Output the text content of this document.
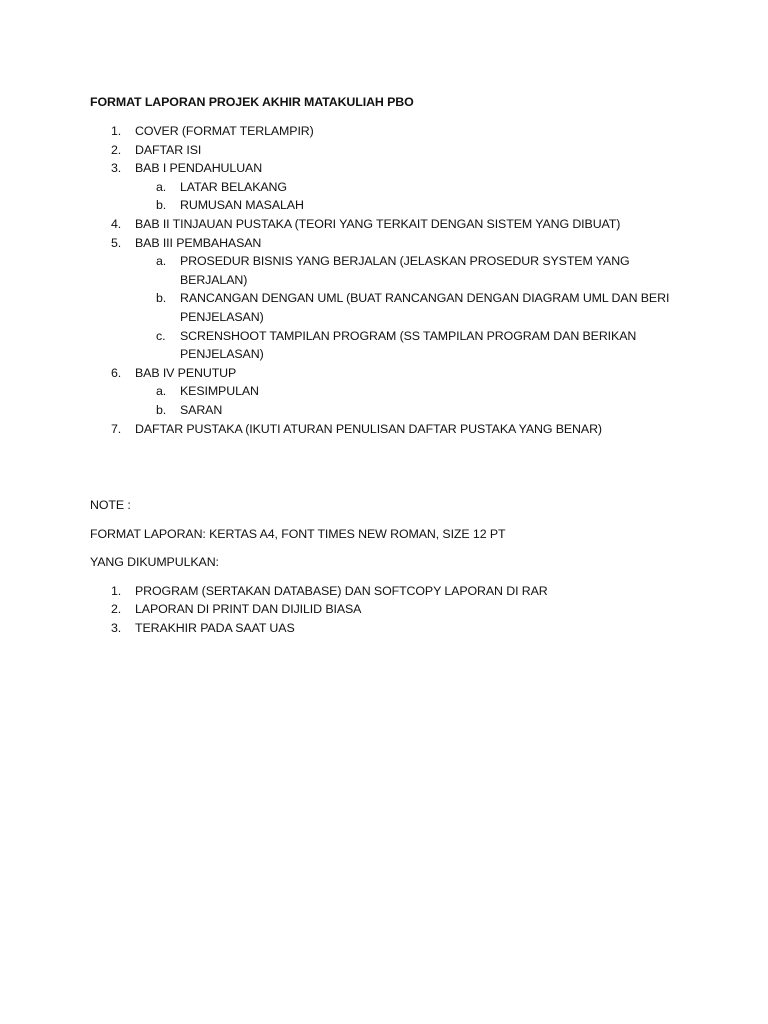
FORMAT LAPORAN PROJEK AKHIR MATAKULIAH PBO

1. COVER (FORMAT TERLAMPIR)
2. DAFTAR ISI
3. BAB I PENDAHULUAN
a. LATAR BELAKANG
b. RUMUSAN MASALAH
4. BAB II TINJAUAN PUSTAKA (TEORI YANG TERKAIT DENGAN SISTEM YANG DIBUAT)
5. BAB III PEMBAHASAN
a. PROSEDUR BISNIS YANG BERJALAN (JELASKAN PROSEDUR SYSTEM YANG BERJALAN)
b. RANCANGAN DENGAN UML (BUAT RANCANGAN DENGAN DIAGRAM UML DAN BERI PENJELASAN)
c. SCRENSHOOT TAMPILAN PROGRAM (SS TAMPILAN PROGRAM DAN BERIKAN PENJELASAN)
6. BAB IV PENUTUP
a. KESIMPULAN
b. SARAN
7. DAFTAR PUSTAKA (IKUTI ATURAN PENULISAN DAFTAR PUSTAKA YANG BENAR)

NOTE :

FORMAT LAPORAN: KERTAS A4, FONT TIMES NEW ROMAN, SIZE 12 PT

YANG DIKUMPULKAN:

1. PROGRAM (SERTAKAN DATABASE) DAN SOFTCOPY LAPORAN DI RAR
2. LAPORAN DI PRINT DAN DIJILID BIASA
3. TERAKHIR PADA SAAT UAS
